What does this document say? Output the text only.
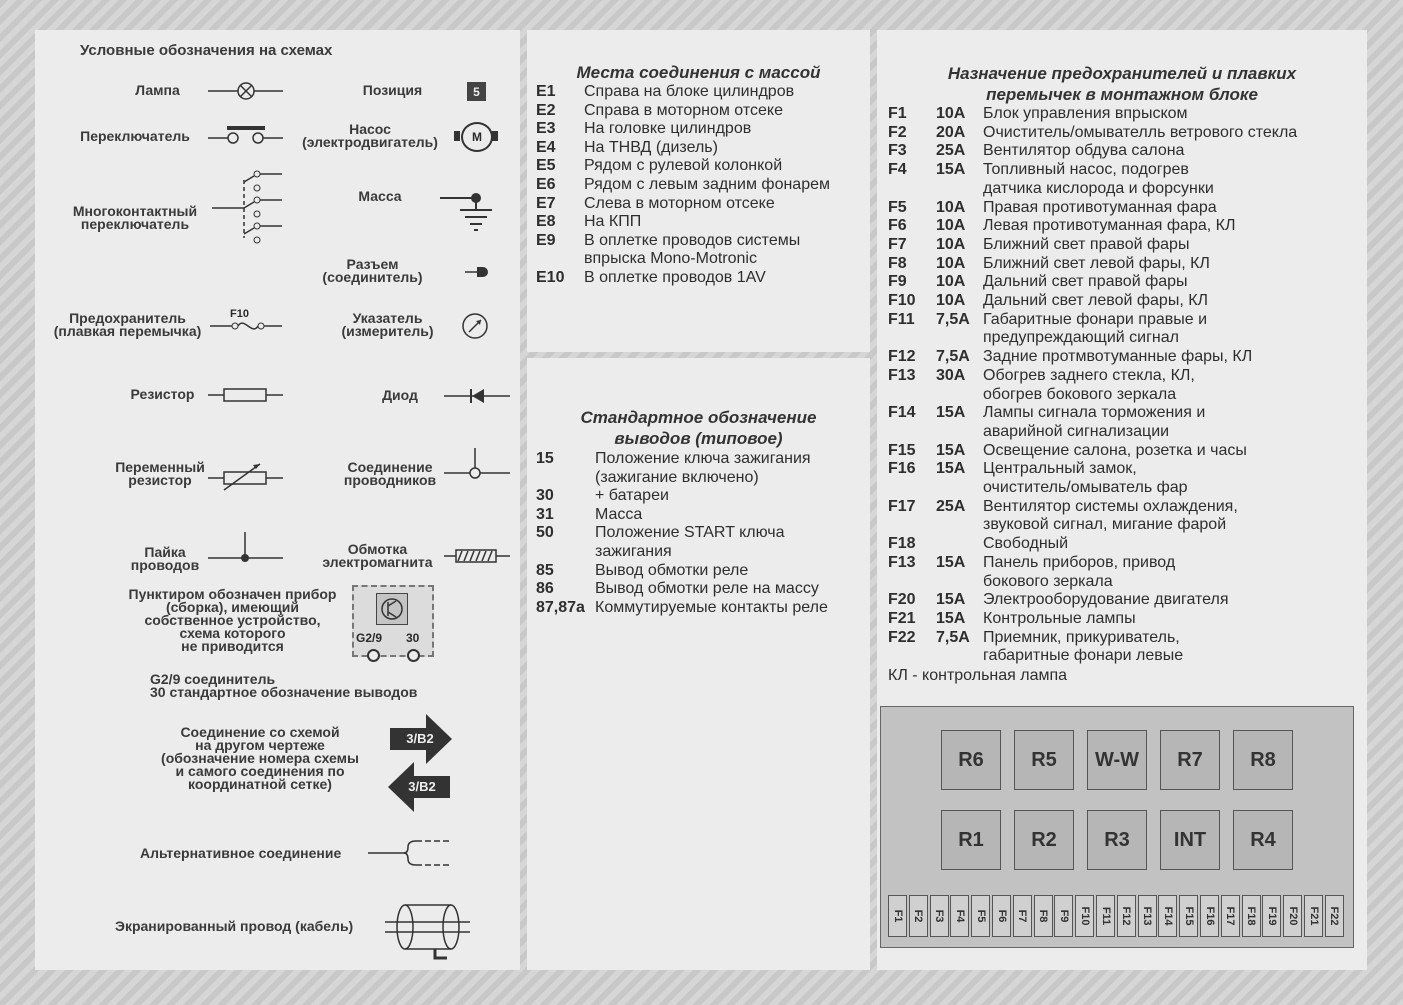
Условные обозначения на схемах
Лампа	Позиция	5
Переключатель	Насос
(электродвигатель)	М
Многоконтактный
переключатель
Масса
Разъем
(соединитель)
Предохранитель
(плавкая перемычка)
F10	Указатель
(измеритель)
Резистор	Диод
Переменный
резистор
Соединение
проводников
Пайка
проводов
Обмотка
электромагнита
Пунктиром обозначен прибор
(сборка), имеющий
собственное устройство,
схема которого
не приводится	G2/9 30
G2/9 соединитель
30 стандартное обозначение выводов
Соединение со схемой
на другом чертеже
(обозначение номера схемы
и самого соединения по
координатной сетке)
3/В2
3/В2
Альтернативное соединение
Экранированный провод (кабель)
Места соединения с массой
E1 Справа на блоке цилиндров
E2 Справа в моторном отсеке
E3 На головке цилиндров
E4 На ТНВД (дизель)
E5 Рядом с рулевой колонкой
E6 Рядом с левым задним фонарем
E7 Слева в моторном отсеке
E8 На КПП
E9 В оплетке проводов системы
впрыска Mono-Motronic
E10 В оплетке проводов 1AV
Стандартное обозначение
выводов (типовое)
15	Положение ключа зажигания
(зажигание включено)
30	+ батареи
31	Масса
50	Положение START ключа
зажигания
85	Вывод обмотки реле
86	Вывод обмотки реле на массу
87,87a Коммутируемые контакты реле
Назначение предохранителей и плавких
перемычек в монтажном блоке
F1 10A Блок управления впрыском
F2 20A Очиститель/омывателль ветрового стекла
F3 25A Вентилятор обдува салона
F4 15A Топливный насос, подогрев
датчика кислорода и форсунки
F5 10A Правая противотуманная фара
F6 10A Левая противотуманная фара, КЛ
F7 10A Ближний свет правой фары
F8 10A Ближний свет левой фары, КЛ
F9 10A Дальний свет правой фары
F10 10A Дальний свет левой фары, КЛ
F11 7,5A Габаритные фонари правые и
предупреждающий сигнал
F12 7,5A Задние протмвотуманные фары, КЛ
F13 30A Обогрев заднего стекла, КЛ,
обогрев бокового зеркала
F14 15A Лампы сигнала торможения и
аварийной сигнализации
F15 15A Освещение салона, розетка и часы
F16 15A Центральный замок,
очиститель/омыватель фар
F17 25A Вентилятор системы охлаждения,
звуковой сигнал, мигание фарой
F18	Свободный
F13 15A Панель приборов, привод
бокового зеркала
F20 15A Электрооборудование двигателя
F21 15A Контрольные лампы
F22 7,5A Приемник, прикуриватель,
габаритные фонари левые
КЛ - контрольная лампа
R6	R5	W-W	R7	R8
R1	R2	R3	INT	R4
F1 F2 F3 F4 F5 F6 F7 F8 F9 F10 F11 F12 F13 F14 F15 F16 F17 F18 F19 F20 F21 F22
